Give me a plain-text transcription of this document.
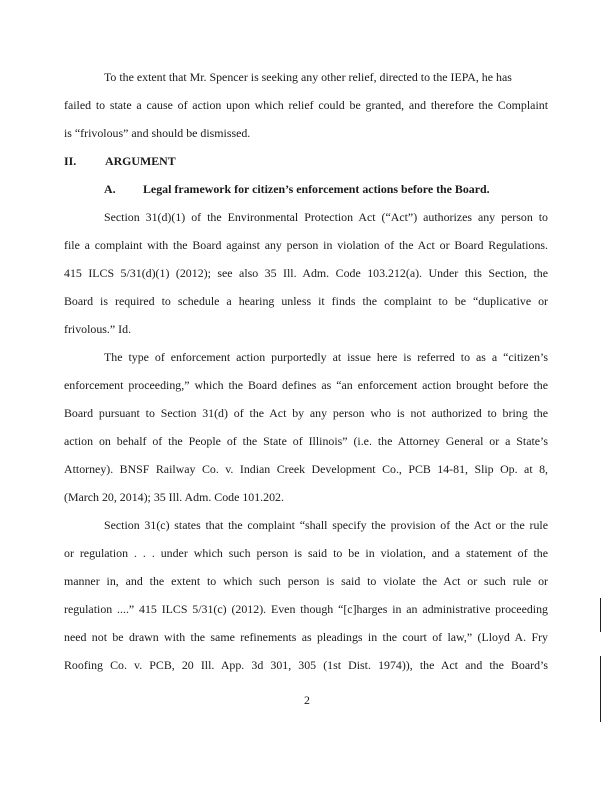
To the extent that Mr. Spencer is seeking any other relief, directed to the IEPA, he has
failed to state a cause of action upon which relief could be granted, and therefore the Complaint
is “frivolous” and should be dismissed.
II. ARGUMENT
A. Legal framework for citizen’s enforcement actions before the Board.
Section 31(d)(1) of the Environmental Protection Act (“Act”) authorizes any person to
file a complaint with the Board against any person in violation of the Act or Board Regulations.
415 ILCS 5/31(d)(1) (2012); see also 35 Ill. Adm. Code 103.212(a). Under this Section, the
Board is required to schedule a hearing unless it finds the complaint to be “duplicative or
frivolous.” Id.
The type of enforcement action purportedly at issue here is referred to as a “citizen’s
enforcement proceeding,” which the Board defines as “an enforcement action brought before the
Board pursuant to Section 31(d) of the Act by any person who is not authorized to bring the
action on behalf of the People of the State of Illinois” (i.e. the Attorney General or a State’s
Attorney). BNSF Railway Co. v. Indian Creek Development Co., PCB 14-81, Slip Op. at 8,
(March 20, 2014); 35 Ill. Adm. Code 101.202.
Section 31(c) states that the complaint “shall specify the provision of the Act or the rule
or regulation . . . under which such person is said to be in violation, and a statement of the
manner in, and the extent to which such person is said to violate the Act or such rule or
regulation ....” 415 ILCS 5/31(c) (2012). Even though “[c]harges in an administrative proceeding
need not be drawn with the same refinements as pleadings in the court of law,” (Lloyd A. Fry
Roofing Co. v. PCB, 20 Ill. App. 3d 301, 305 (1st Dist. 1974)), the Act and the Board’s
2
